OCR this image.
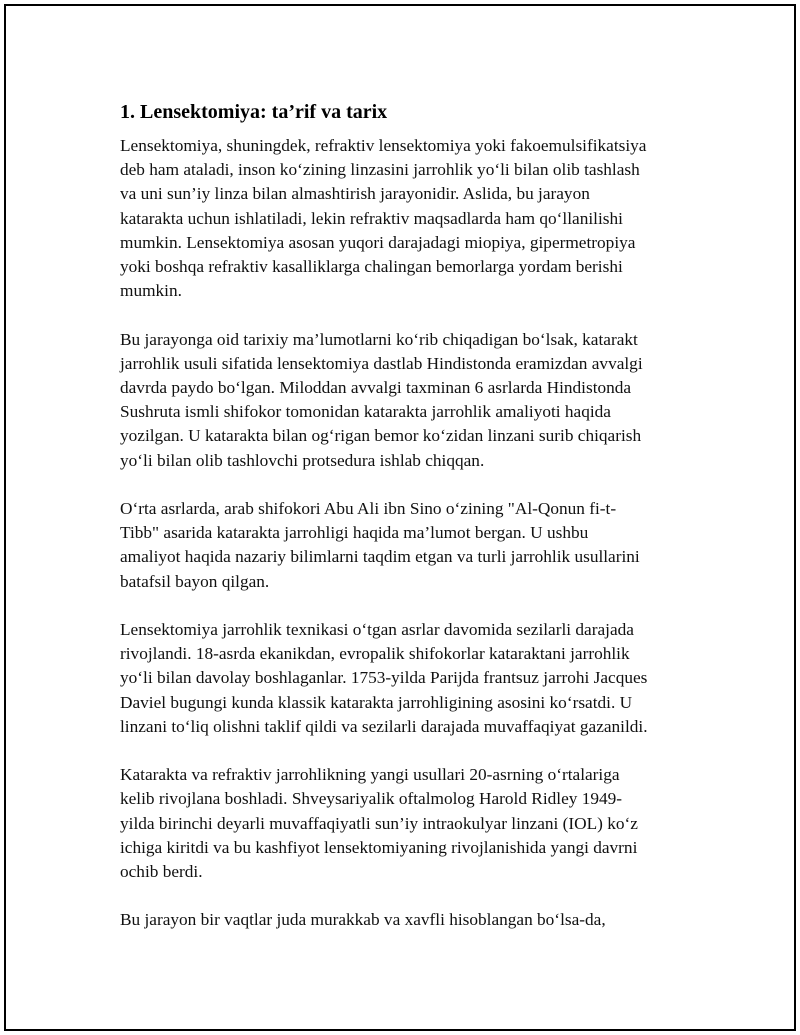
1. Lensektomiya: ta’rif va tarix

Lensektomiya, shuningdek, refraktiv lensektomiya yoki fakoemulsifikatsiya
deb ham ataladi, inson koʻzining linzasini jarrohlik yoʻli bilan olib tashlash
va uni sun’iy linza bilan almashtirish jarayonidir. Aslida, bu jarayon
katarakta uchun ishlatiladi, lekin refraktiv maqsadlarda ham qoʻllanilishi
mumkin. Lensektomiya asosan yuqori darajadagi miopiya, gipermetropiya
yoki boshqa refraktiv kasalliklarga chalingan bemorlarga yordam berishi
mumkin.

Bu jarayonga oid tarixiy ma’lumotlarni koʻrib chiqadigan boʻlsak, katarakt
jarrohlik usuli sifatida lensektomiya dastlab Hindistonda eramizdan avvalgi
davrda paydo boʻlgan. Miloddan avvalgi taxminan 6 asrlarda Hindistonda
Sushruta ismli shifokor tomonidan katarakta jarrohlik amaliyoti haqida
yozilgan. U katarakta bilan ogʻrigan bemor koʻzidan linzani surib chiqarish
yoʻli bilan olib tashlovchi protsedura ishlab chiqqan.

Oʻrta asrlarda, arab shifokori Abu Ali ibn Sino oʻzining "Al-Qonun fi-t-
Tibb" asarida katarakta jarrohligi haqida ma’lumot bergan. U ushbu
amaliyot haqida nazariy bilimlarni taqdim etgan va turli jarrohlik usullarini
batafsil bayon qilgan.

Lensektomiya jarrohlik texnikasi oʻtgan asrlar davomida sezilarli darajada
rivojlandi. 18-asrda ekanikdan, evropalik shifokorlar kataraktani jarrohlik
yoʻli bilan davolay boshlaganlar. 1753-yilda Parijda frantsuz jarrohi Jacques
Daviel bugungi kunda klassik katarakta jarrohligining asosini koʻrsatdi. U
linzani toʻliq olishni taklif qildi va sezilarli darajada muvaffaqiyat gazanildi.

Katarakta va refraktiv jarrohlikning yangi usullari 20-asrning oʻrtalariga
kelib rivojlana boshladi. Shveysariyalik oftalmolog Harold Ridley 1949-
yilda birinchi deyarli muvaffaqiyatli sun’iy intraokulyar linzani (IOL) koʻz
ichiga kiritdi va bu kashfiyot lensektomiyaning rivojlanishida yangi davrni
ochib berdi.

Bu jarayon bir vaqtlar juda murakkab va xavfli hisoblangan boʻlsa-da,
